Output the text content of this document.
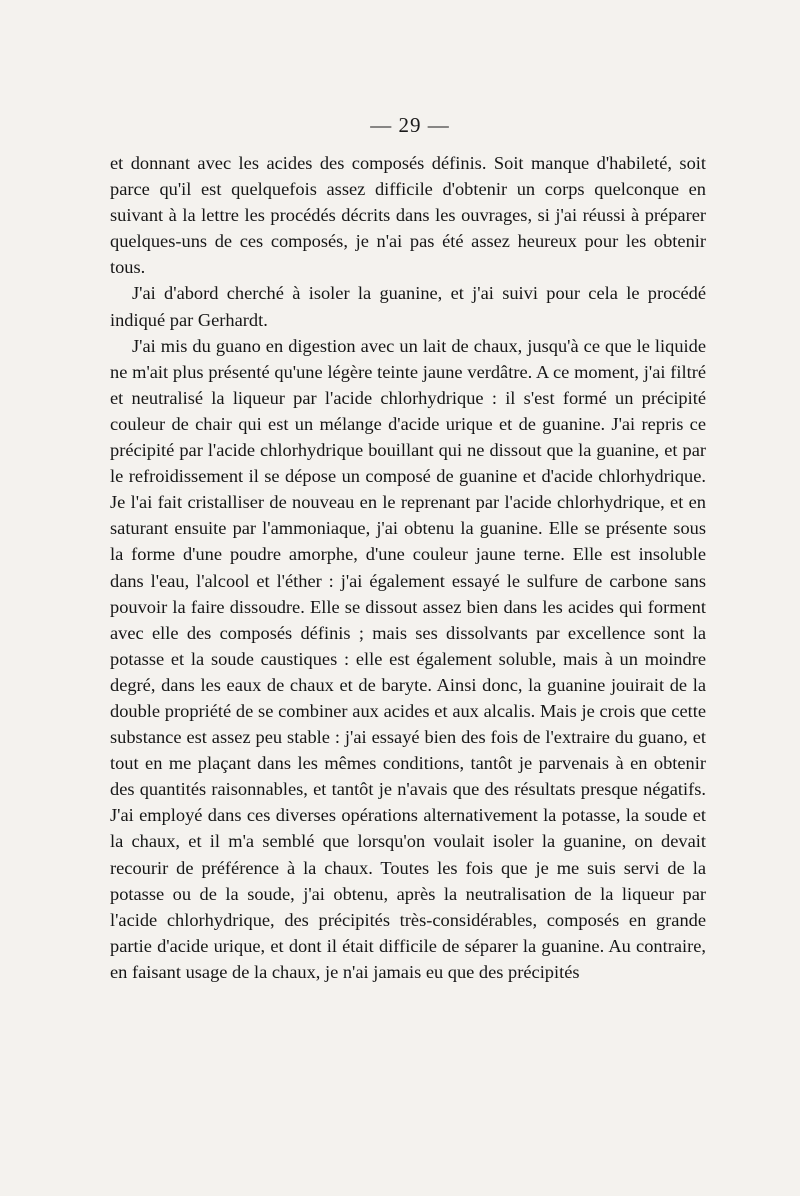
— 29 —

et donnant avec les acides des composés définis. Soit manque d'habileté, soit parce qu'il est quelquefois assez difficile d'obtenir un corps quelconque en suivant à la lettre les procédés décrits dans les ouvrages, si j'ai réussi à préparer quelques-uns de ces composés, je n'ai pas été assez heureux pour les obtenir tous.

J'ai d'abord cherché à isoler la guanine, et j'ai suivi pour cela le procédé indiqué par Gerhardt.

J'ai mis du guano en digestion avec un lait de chaux, jusqu'à ce que le liquide ne m'ait plus présenté qu'une légère teinte jaune verdâtre. A ce moment, j'ai filtré et neutralisé la liqueur par l'acide chlorhydrique : il s'est formé un précipité couleur de chair qui est un mélange d'acide urique et de guanine. J'ai repris ce précipité par l'acide chlorhydrique bouillant qui ne dissout que la guanine, et par le refroidissement il se dépose un composé de guanine et d'acide chlorhydrique. Je l'ai fait cristalliser de nouveau en le reprenant par l'acide chlorhydrique, et en saturant ensuite par l'ammoniaque, j'ai obtenu la guanine. Elle se présente sous la forme d'une poudre amorphe, d'une couleur jaune terne. Elle est insoluble dans l'eau, l'alcool et l'éther : j'ai également essayé le sulfure de carbone sans pouvoir la faire dissoudre. Elle se dissout assez bien dans les acides qui forment avec elle des composés définis ; mais ses dissolvants par excellence sont la potasse et la soude caustiques : elle est également soluble, mais à un moindre degré, dans les eaux de chaux et de baryte. Ainsi donc, la guanine jouirait de la double propriété de se combiner aux acides et aux alcalis. Mais je crois que cette substance est assez peu stable : j'ai essayé bien des fois de l'extraire du guano, et tout en me plaçant dans les mêmes conditions, tantôt je parvenais à en obtenir des quantités raisonnables, et tantôt je n'avais que des résultats presque négatifs. J'ai employé dans ces diverses opérations alternativement la potasse, la soude et la chaux, et il m'a semblé que lorsqu'on voulait isoler la guanine, on devait recourir de préférence à la chaux. Toutes les fois que je me suis servi de la potasse ou de la soude, j'ai obtenu, après la neutralisation de la liqueur par l'acide chlorhydrique, des précipités très-considérables, composés en grande partie d'acide urique, et dont il était difficile de séparer la guanine. Au contraire, en faisant usage de la chaux, je n'ai jamais eu que des précipités
